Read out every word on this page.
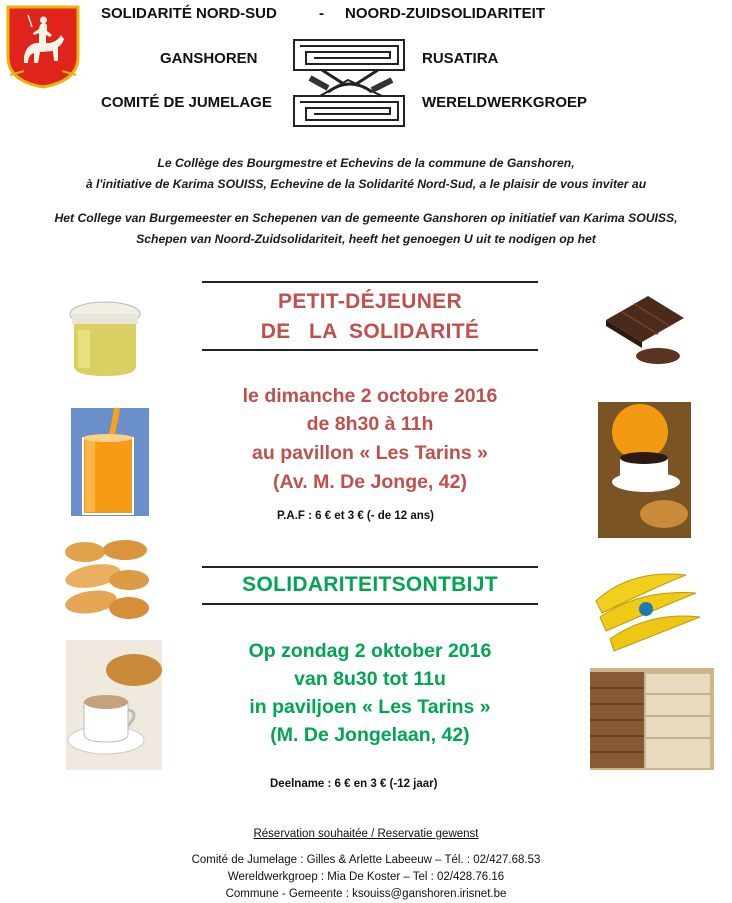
SOLIDARITÉ NORD-SUD	- NOORD-ZUIDSOLIDARITEIT
GANSHOREN	RUSATIRA
COMITÉ DE JUMELAGE	WERELDWERKGROEP
Le Collège des Bourgmestre et Echevins de la commune de Ganshoren,
à l'initiative de Karima SOUISS, Echevine de la Solidarité Nord-Sud, a le plaisir de vous inviter au
Het College van Burgemeester en Schepenen van de gemeente Ganshoren op initiatief van Karima SOUISS,
Schepen van Noord-Zuidsolidariteit, heeft het genoegen U uit te nodigen op het
PETIT-DÉJEUNER
DE   LA  SOLIDARITÉ
le dimanche 2 octobre 2016
de 8h30 à 11h
au pavillon « Les Tarins »
(Av. M. De Jonge, 42)
P.A.F : 6 € et 3 € (- de 12 ans)
SOLIDARITEITSONTBIJT
Op zondag 2 oktober 2016
van 8u30 tot 11u
in paviljoen « Les Tarins »
(M. De Jongelaan, 42)
Deelname : 6 € en 3 € (-12 jaar)
Réservation souhaitée / Reservatie gewenst
Comité de Jumelage : Gilles & Arlette Labeeuw – Tél. : 02/427.68.53
Wereldwerkgroep : Mia De Koster – Tel : 02/428.76.16
Commune - Gemeente : ksouiss@ganshoren.irisnet.be
